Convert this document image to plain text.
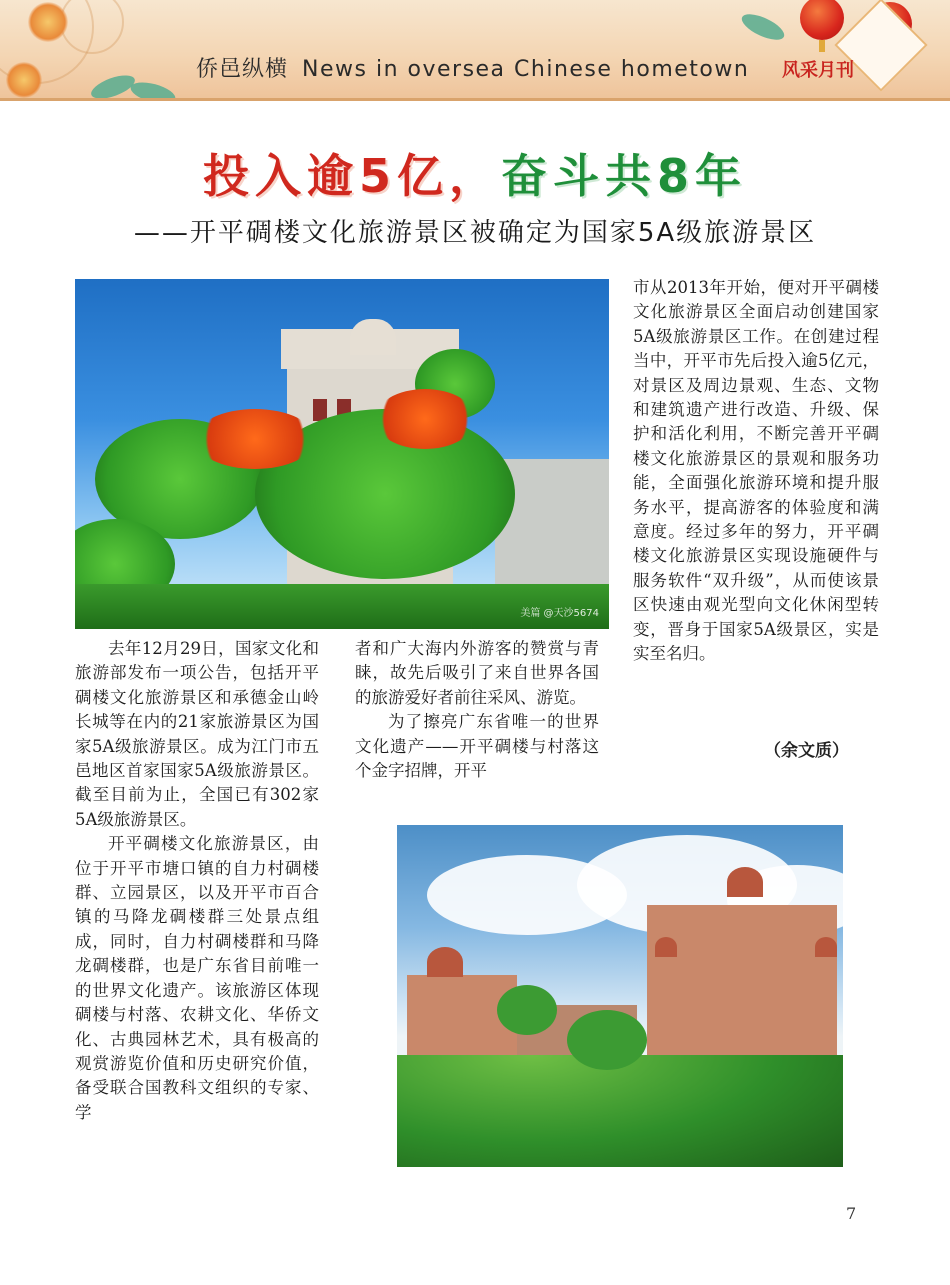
侨邑纵横 News in oversea Chinese hometown 风采月刊
投入逾5亿，奋斗共8年
——开平碉楼文化旅游景区被确定为国家5A级旅游景区
美篇 @天沙5674

去年12月29日，国家文化和旅游部发布一项公告，包括开平碉楼文化旅游景区和承德金山岭长城等在内的21家旅游景区为国家5A级旅游景区。成为江门市五邑地区首家国家5A级旅游景区。截至目前为止，全国已有302家5A级旅游景区。

开平碉楼文化旅游景区，由位于开平市塘口镇的自力村碉楼群、立园景区，以及开平市百合镇的马降龙碉楼群三处景点组成，同时，自力村碉楼群和马降龙碉楼群，也是广东省目前唯一的世界文化遗产。该旅游区体现碉楼与村落、农耕文化、华侨文化、古典园林艺术，具有极高的观赏游览价值和历史研究价值，备受联合国教科文组织的专家、学

者和广大海内外游客的赞赏与青睐，故先后吸引了来自世界各国的旅游爱好者前往采风、游览。

为了擦亮广东省唯一的世界文化遗产——开平碉楼与村落这个金字招牌，开平

市从2013年开始，便对开平碉楼文化旅游景区全面启动创建国家5A级旅游景区工作。在创建过程当中，开平市先后投入逾5亿元，对景区及周边景观、生态、文物和建筑遗产进行改造、升级、保护和活化利用，不断完善开平碉楼文化旅游景区的景观和服务功能，全面强化旅游环境和提升服务水平，提高游客的体验度和满意度。经过多年的努力，开平碉楼文化旅游景区实现设施硬件与服务软件“双升级”，从而使该景区快速由观光型向文化休闲型转变，晋身于国家5A级景区，实是实至名归。

（余文质）
7
